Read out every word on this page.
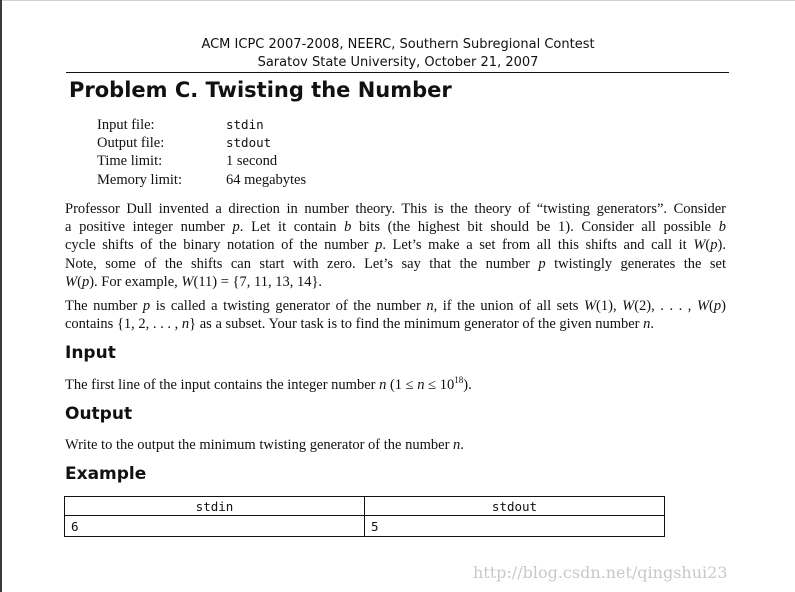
ACM ICPC 2007-2008, NEERC, Southern Subregional Contest
Saratov State University, October 21, 2007
Problem C. Twisting the Number
Input file:	stdin
Output file:	stdout
Time limit:	1 second
Memory limit:	64 megabytes
Professor Dull invented a direction in number theory. This is the theory of “twisting generators”. Consider
a positive integer number p. Let it contain b bits (the highest bit should be 1). Consider all possible b
cycle shifts of the binary notation of the number p. Let’s make a set from all this shifts and call it W(p).
Note, some of the shifts can start with zero. Let’s say that the number p twistingly generates the set
W(p). For example, W(11) = {7, 11, 13, 14}.
The number p is called a twisting generator of the number n, if the union of all sets W(1), W(2), . . . , W(p)
contains {1, 2, . . . , n} as a subset. Your task is to find the minimum generator of the given number n.
Input
The first line of the input contains the integer number n $(1 \le n \le 10^{18})$.
Output
Write to the output the minimum twisting generator of the number n.
Example
stdin	stdout
6	5
http://blog.csdn.net/qingshui23
